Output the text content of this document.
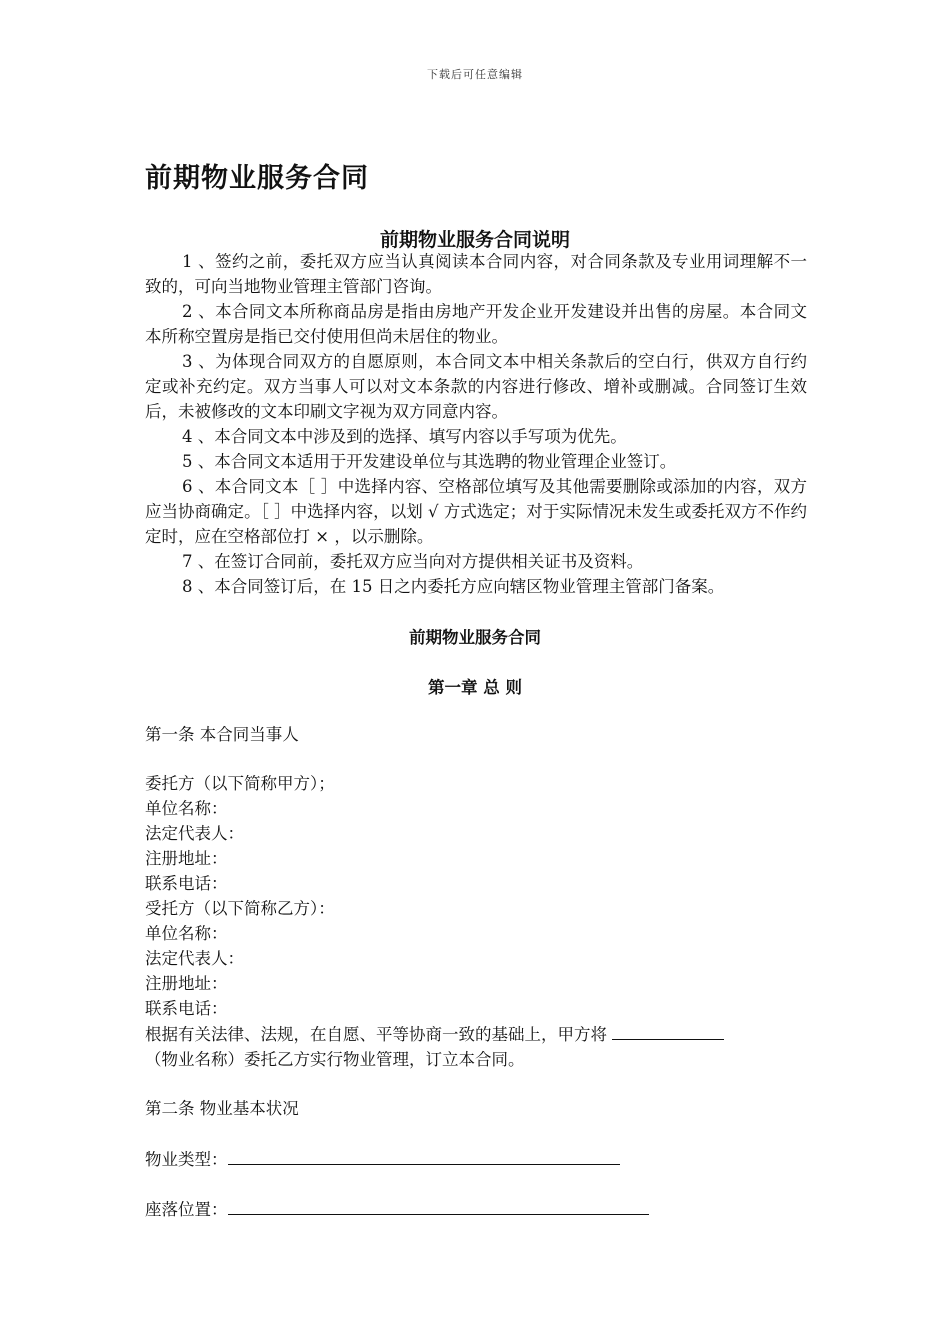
下载后可任意编辑
前期物业服务合同
前期物业服务合同说明

1 、签约之前，委托双方应当认真阅读本合同内容，对合同条款及专业用词理解不一致的，可向当地物业管理主管部门咨询。

2 、本合同文本所称商品房是指由房地产开发企业开发建设并出售的房屋。本合同文本所称空置房是指已交付使用但尚未居住的物业。

3 、为体现合同双方的自愿原则，本合同文本中相关条款后的空白行，供双方自行约定或补充约定。双方当事人可以对文本条款的内容进行修改、增补或删减。合同签订生效后，未被修改的文本印刷文字视为双方同意内容。

4 、本合同文本中涉及到的选择、填写内容以手写项为优先。

5 、本合同文本适用于开发建设单位与其选聘的物业管理企业签订。

6 、本合同文本［ ］中选择内容、空格部位填写及其他需要删除或添加的内容，双方应当协商确定。［ ］中选择内容，以划 √ 方式选定；对于实际情况未发生或委托双方不作约定时，应在空格部位打 × ，以示删除。

7 、在签订合同前，委托双方应当向对方提供相关证书及资料。

8 、本合同签订后，在 15 日之内委托方应向辖区物业管理主管部门备案。

前期物业服务合同
第一章 总 则
第一条 本合同当事人
委托方（以下简称甲方）；
单位名称：
法定代表人：
注册地址：
联系电话：
受托方（以下简称乙方）：
单位名称：
法定代表人：
注册地址：
联系电话：
根据有关法律、法规，在自愿、平等协商一致的基础上，甲方将
（物业名称）委托乙方实行物业管理，订立本合同。
第二条 物业基本状况
物业类型：
座落位置：
